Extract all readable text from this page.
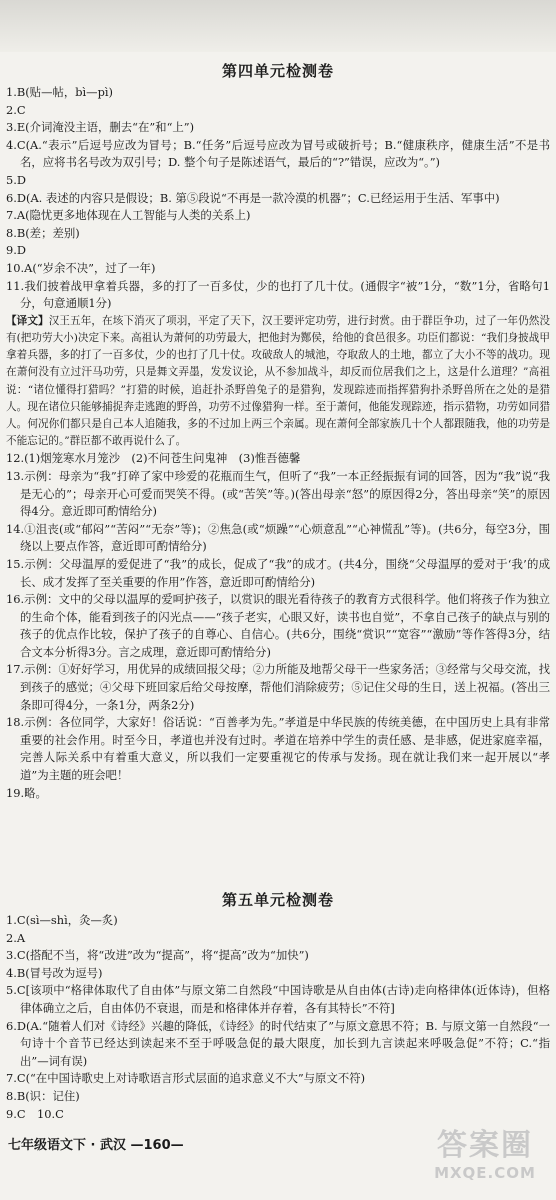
第四单元检测卷

1.B(贴—帖，bì—pì)

2.C

3.E(介词淹没主语，删去“在”和“上”)

4.C(A.“表示”后逗号应改为冒号；B.“任务”后逗号应改为冒号或破折号；B.“健康秩序，健康生活”不是书名，应将书名号改为双引号；D. 整个句子是陈述语气，最后的“?”错误，应改为“。”)

5.D

6.D(A. 表述的内容只是假设；B. 第⑤段说“不再是一款冷漠的机器”；C.已经运用于生活、军事中)

7.A(隐忧更多地体现在人工智能与人类的关系上)

8.B(差；差别)

9.D

10.A(“岁余不决”，过了一年)

11.我们披着战甲拿着兵器，多的打了一百多仗，少的也打了几十仗。(通假字“被”1分，“数”1分，省略句1分，句意通顺1分)

【译文】汉王五年，在垓下消灭了项羽，平定了天下，汉王要评定功劳，进行封赏。由于群臣争功，过了一年仍然没有(把功劳大小)决定下来。高祖认为萧何的功劳最大，把他封为酂侯，给他的食邑很多。功臣们都说：“我们身披战甲拿着兵器，多的打了一百多仗，少的也打了几十仗。攻破敌人的城池，夺取敌人的土地，都立了大小不等的战功。现在萧何没有立过汗马功劳，只是舞文弄墨，发发议论，从不参加战斗，却反而位居我们之上，这是什么道理？”高祖说：“诸位懂得打猎吗？”打猎的时候，追赶扑杀野兽兔子的是猎狗，发现踪迹而指挥猎狗扑杀野兽所在之处的是猎人。现在诸位只能够捕捉奔走逃跑的野兽，功劳不过像猎狗一样。至于萧何，他能发现踪迹，指示猎物，功劳如同猎人。何况你们都只是自己本人追随我，多的不过加上两三个亲属。现在萧何全部家族几十个人都跟随我，他的功劳是不能忘记的。”群臣都不敢再说什么了。

12.(1)烟笼寒水月笼沙　(2)不问苍生问鬼神　(3)惟吾德馨

13.示例：母亲为“我”打碎了家中珍爱的花瓶而生气，但听了“我”一本正经振振有词的回答，因为“我”说“我是无心的”；母亲开心可爱而哭笑不得。(或“苦笑”等。)(答出母亲“怒”的原因得2分，答出母亲“笑”的原因得4分。意近即可酌情给分)

14.①沮丧(或“郁闷”“苦闷”“无奈”等)；②焦急(或“烦躁”“心烦意乱”“心神慌乱”等)。(共6分，每空3分，围绕以上要点作答，意近即可酌情给分)

15.示例：父母温厚的爱促进了“我”的成长，促成了“我”的成才。(共4分，围绕“父母温厚的爱对于‘我’的成长、成才发挥了至关重要的作用”作答，意近即可酌情给分)

16.示例：文中的父母以温厚的爱呵护孩子，以赏识的眼光看待孩子的教育方式很科学。他们将孩子作为独立的生命个体，能看到孩子的闪光点——“孩子老实，心眼又好，读书也自觉”，不拿自己孩子的缺点与别的孩子的优点作比较，保护了孩子的自尊心、自信心。(共6分，围绕“赏识”“宽容”“激励”等作答得3分，结合文本分析得3分。言之成理，意近即可酌情给分)

17.示例：①好好学习，用优异的成绩回报父母；②力所能及地帮父母干一些家务活；③经常与父母交流，找到孩子的感觉；④父母下班回家后给父母按摩，帮他们消除疲劳；⑤记住父母的生日，送上祝福。(答出三条即可得4分，一条1分，两条2分)

18.示例：各位同学，大家好！俗话说：“百善孝为先。”孝道是中华民族的传统美德，在中国历史上具有非常重要的社会作用。时至今日，孝道也并没有过时。孝道在培养中学生的责任感、是非感，促进家庭幸福，完善人际关系中有着重大意义，所以我们一定要重视它的传承与发扬。现在就让我们来一起开展以“孝道”为主题的班会吧！

19.略。

第五单元检测卷

1.C(sì—shì，灸—炙)

2.A

3.C(搭配不当，将“改进”改为“提高”，将“提高”改为“加快”)

4.B(冒号改为逗号)

5.C[该项中“格律体取代了自由体”与原文第二自然段“中国诗歌是从自由体(古诗)走向格律体(近体诗)，但格律体确立之后，自由体仍不衰退，而是和格律体并存着，各有其特长”不符]

6.D(A.“随着人们对《诗经》兴趣的降低，《诗经》的时代结束了”与原文意思不符；B. 与原文第一自然段“一句诗十个音节已经达到读起来不至于呼吸急促的最大限度，加长到九言读起来呼吸急促”不符；C.“指出”—词有误)

7.C(“在中国诗歌史上对诗歌语言形式层面的追求意义不大”与原文不符)

8.B(识：记住)

9.C　10.C

七年级语文下 · 武汉 —160—	答案圈
MXQE.COM
